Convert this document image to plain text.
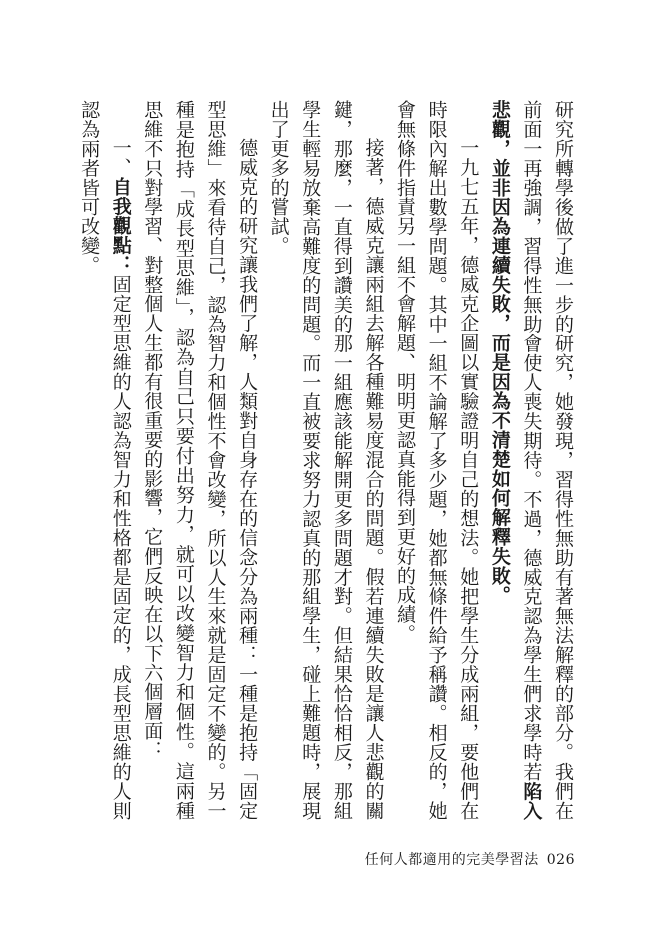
研究所轉學後做了進一步的研究，她發現，習得性無助有著無法解釋的部分。我們在前面一再強調，習得性無助會使人喪失期待。不過，德威克認為學生們求學時若陷入悲觀，並非因為連續失敗，而是因為不清楚如何解釋失敗。

一九七五年，德威克企圖以實驗證明自己的想法。她把學生分成兩組，要他們在時限內解出數學問題。其中一組不論解了多少題，她都無條件給予稱讚。相反的，她會無條件指責另一組不會解題、明明更認真能得到更好的成績。

接著，德威克讓兩組去解各種難易度混合的問題。假若連續失敗是讓人悲觀的關鍵，那麼，一直得到讚美的那一組應該能解開更多問題才對。但結果恰恰相反，那組學生輕易放棄高難度的問題。而一直被要求努力認真的那組學生，碰上難題時，展現出了更多的嘗試。

德威克的研究讓我們了解，人類對自身存在的信念分為兩種：一種是抱持「固定型思維」來看待自己，認為智力和個性不會改變，所以人生來就是固定不變的。另一種是抱持「成長型思維」，認為自己只要付出努力，就可以改變智力和個性。這兩種思維不只對學習、對整個人生都有很重要的影響，它們反映在以下六個層面：

一、自我觀點：固定型思維的人認為智力和性格都是固定的，成長型思維的人則認為兩者皆可改變。

任何人都適用的完美學習法 026
